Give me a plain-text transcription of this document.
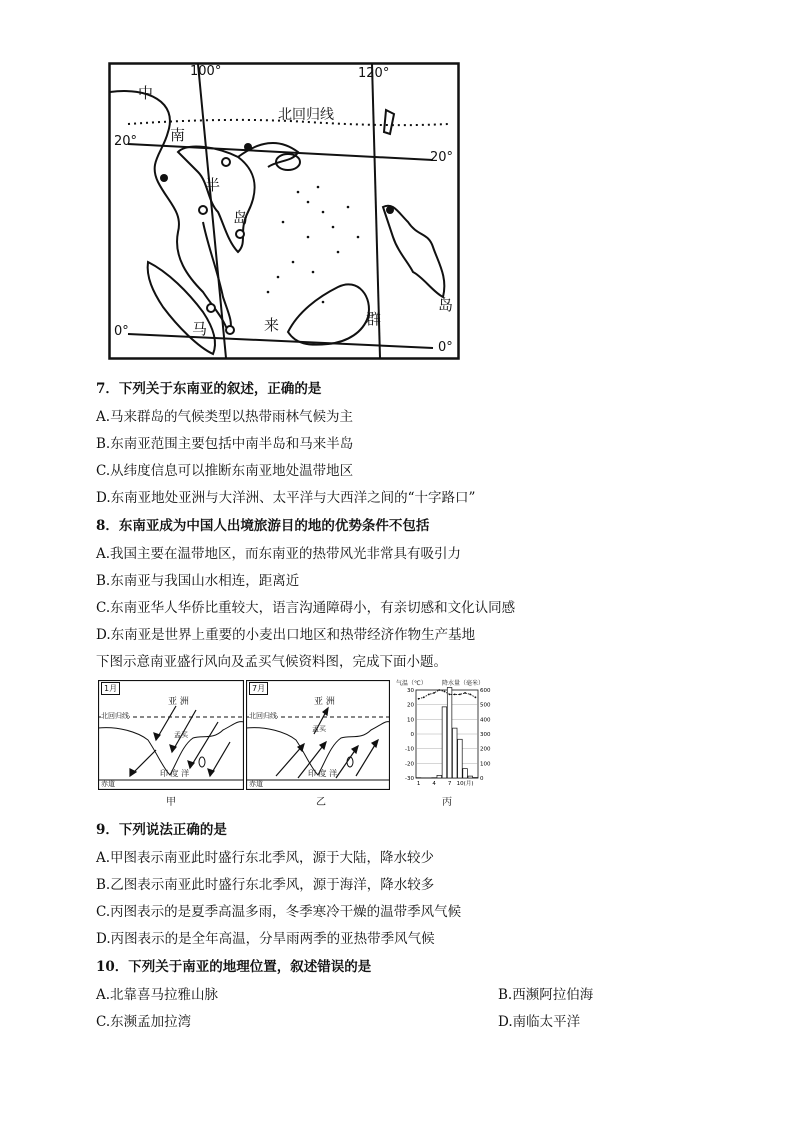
100°	120°
20°
20°
0°
0°
北回归线
中
南
半
岛
马	来	群
岛
7．下列关于东南亚的叙述，正确的是
A.马来群岛的气候类型以热带雨林气候为主
B.东南亚范围主要包括中南半岛和马来半岛
C.从纬度信息可以推断东南亚地处温带地区
D.东南亚地处亚洲与大洋洲、太平洋与大西洋之间的“十字路口”
8．东南亚成为中国人出境旅游目的地的优势条件不包括
A.我国主要在温带地区，而东南亚的热带风光非常具有吸引力
B.东南亚与我国山水相连，距离近
C.东南亚华人华侨比重较大，语言沟通障碍小，有亲切感和文化认同感
D.东南亚是世界上重要的小麦出口地区和热带经济作物生产基地
下图示意南亚盛行风向及孟买气候资料图，完成下面小题。
1月
亚 洲
北回归线
孟买
印 度 洋
赤道
甲
7月
亚 洲
北回归线
孟买
印 度 洋
赤道
乙
气温（℃）	降水量（毫米）
30
20
10
0
-10
-20
-30
600
500
400
300
200
100
0
1 4 7 10(月)
丙
9．下列说法正确的是
A.甲图表示南亚此时盛行东北季风，源于大陆，降水较少
B.乙图表示南亚此时盛行东北季风，源于海洋，降水较多
C.丙图表示的是夏季高温多雨，冬季寒冷干燥的温带季风气候
D.丙图表示的是全年高温，分旱雨两季的亚热带季风气候
10．下列关于南亚的地理位置，叙述错误的是
A.北靠喜马拉雅山脉	B.西濒阿拉伯海
C.东濒孟加拉湾	D.南临太平洋
